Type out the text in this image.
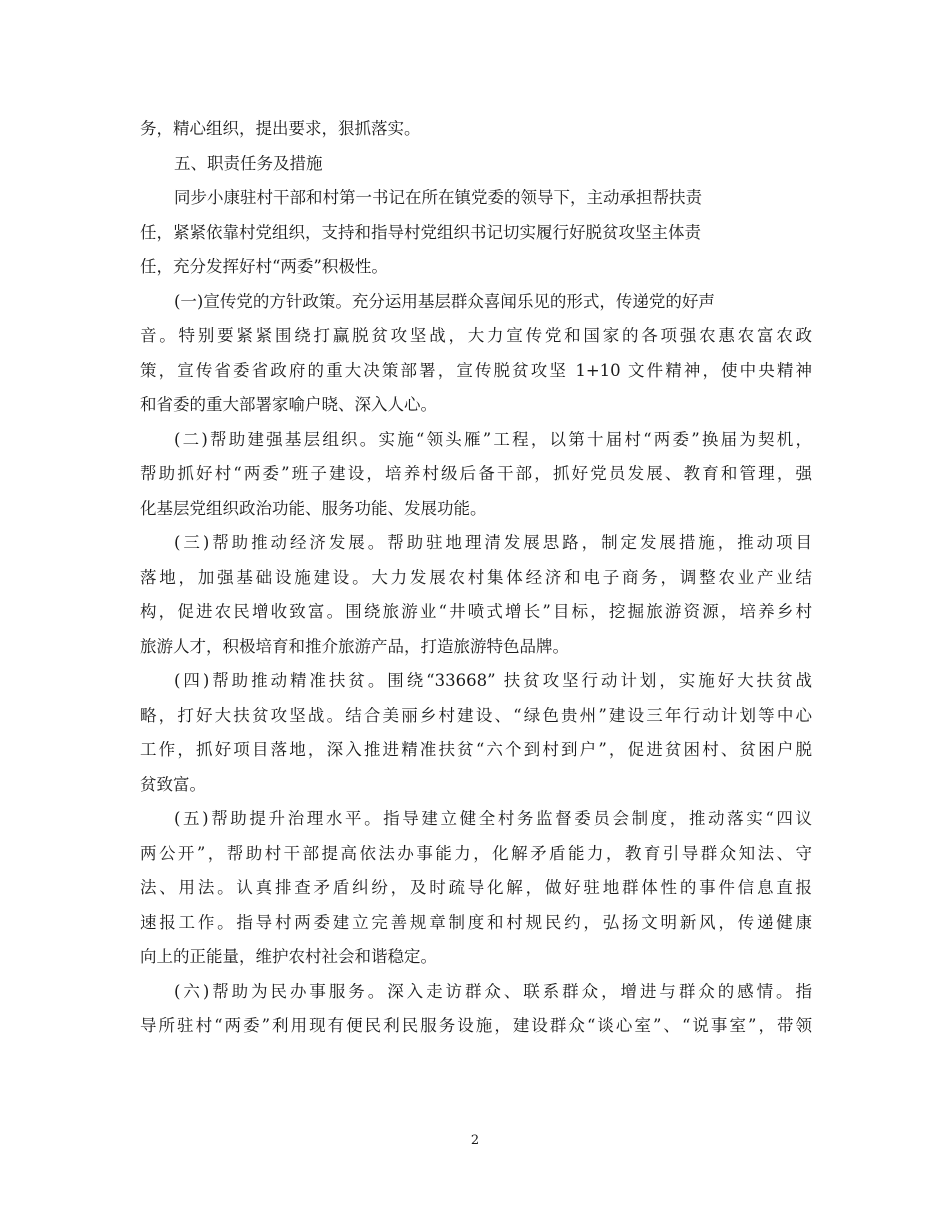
务，精心组织，提出要求，狠抓落实。
五、职责任务及措施
同步小康驻村干部和村第一书记在所在镇党委的领导下，主动承担帮扶责
任，紧紧依靠村党组织，支持和指导村党组织书记切实履行好脱贫攻坚主体责
任，充分发挥好村“两委”积极性。
(一)宣传党的方针政策。充分运用基层群众喜闻乐见的形式，传递党的好声
音。特别要紧紧围绕打赢脱贫攻坚战，大力宣传党和国家的各项强农惠农富农政
策，宣传省委省政府的重大决策部署，宣传脱贫攻坚 1+10 文件精神，使中央精神
和省委的重大部署家喻户晓、深入人心。
(二)帮助建强基层组织。实施“领头雁”工程，以第十届村“两委”换届为契机，
帮助抓好村“两委”班子建设，培养村级后备干部，抓好党员发展、教育和管理，强
化基层党组织政治功能、服务功能、发展功能。
(三)帮助推动经济发展。帮助驻地理清发展思路，制定发展措施，推动项目
落地，加强基础设施建设。大力发展农村集体经济和电子商务，调整农业产业结
构，促进农民增收致富。围绕旅游业“井喷式增长”目标，挖掘旅游资源，培养乡村
旅游人才，积极培育和推介旅游产品，打造旅游特色品牌。
(四)帮助推动精准扶贫。围绕“33668” 扶贫攻坚行动计划，实施好大扶贫战
略，打好大扶贫攻坚战。结合美丽乡村建设、“绿色贵州”建设三年行动计划等中心
工作，抓好项目落地，深入推进精准扶贫“六个到村到户”，促进贫困村、贫困户脱
贫致富。
(五)帮助提升治理水平。指导建立健全村务监督委员会制度，推动落实“四议
两公开”，帮助村干部提高依法办事能力，化解矛盾能力，教育引导群众知法、守
法、用法。认真排查矛盾纠纷，及时疏导化解，做好驻地群体性的事件信息直报
速报工作。指导村两委建立完善规章制度和村规民约，弘扬文明新风，传递健康
向上的正能量，维护农村社会和谐稳定。
(六)帮助为民办事服务。深入走访群众、联系群众，增进与群众的感情。指
导所驻村“两委”利用现有便民利民服务设施，建设群众“谈心室”、“说事室”，带领
2
